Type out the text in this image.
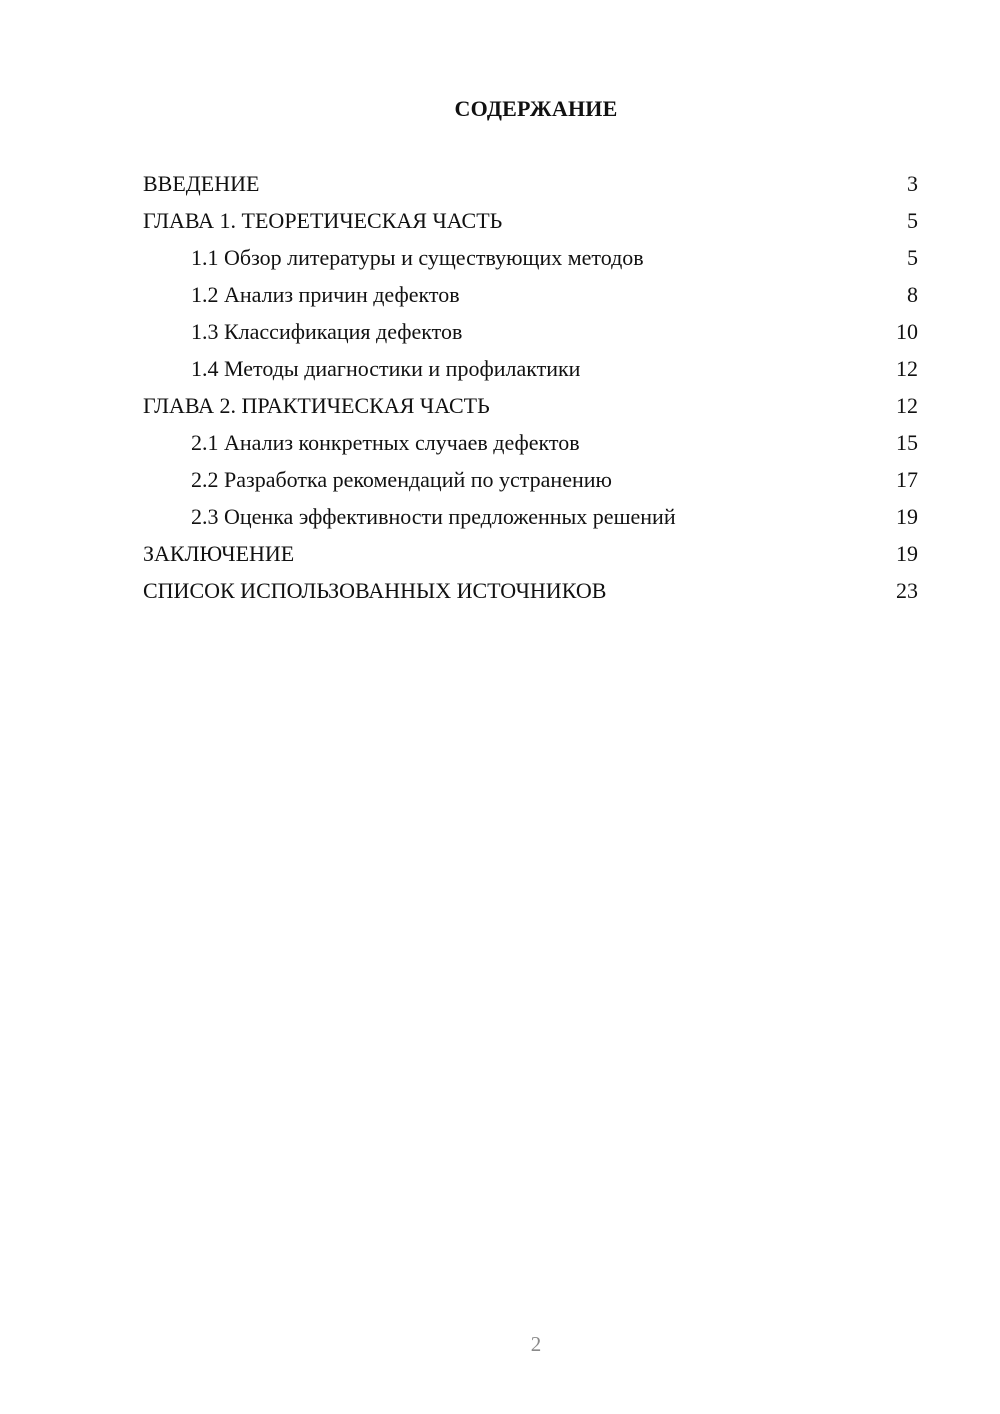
СОДЕРЖАНИЕ
ВВЕДЕНИЕ	3
ГЛАВА 1. ТЕОРЕТИЧЕСКАЯ ЧАСТЬ	5
1.1 Обзор литературы и существующих методов	5
1.2 Анализ причин дефектов	8
1.3 Классификация дефектов	10
1.4 Методы диагностики и профилактики	12
ГЛАВА 2. ПРАКТИЧЕСКАЯ ЧАСТЬ	12
2.1 Анализ конкретных случаев дефектов	15
2.2 Разработка рекомендаций по устранению	17
2.3 Оценка эффективности предложенных решений	19
ЗАКЛЮЧЕНИЕ	19
СПИСОК ИСПОЛЬЗОВАННЫХ ИСТОЧНИКОВ	23
2
